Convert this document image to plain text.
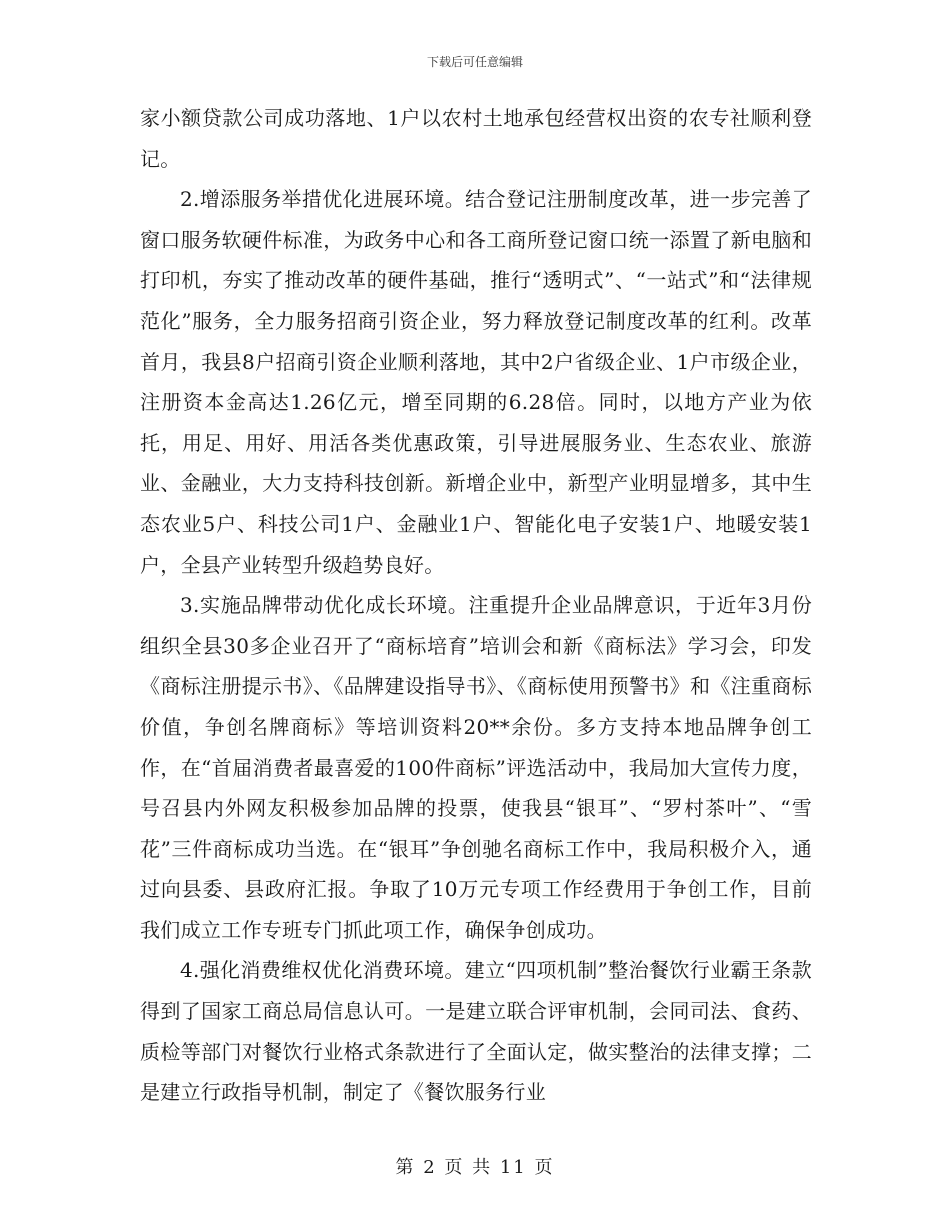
下载后可任意编辑

家小额贷款公司成功落地、1户以农村土地承包经营权出资的农专社顺利登记。

2.增添服务举措优化进展环境。结合登记注册制度改革，进一步完善了窗口服务软硬件标准，为政务中心和各工商所登记窗口统一添置了新电脑和打印机，夯实了推动改革的硬件基础，推行“透明式”、“一站式”和“法律规范化”服务，全力服务招商引资企业，努力释放登记制度改革的红利。改革首月，我县8户招商引资企业顺利落地，其中2户省级企业、1户市级企业，注册资本金高达1.26亿元，增至同期的6.28倍。同时，以地方产业为依托，用足、用好、用活各类优惠政策，引导进展服务业、生态农业、旅游业、金融业，大力支持科技创新。新增企业中，新型产业明显增多，其中生态农业5户、科技公司1户、金融业1户、智能化电子安装1户、地暖安装1户，全县产业转型升级趋势良好。

3.实施品牌带动优化成长环境。注重提升企业品牌意识，于近年3月份组织全县30多企业召开了“商标培育”培训会和新《商标法》学习会，印发《商标注册提示书》、《品牌建设指导书》、《商标使用预警书》和《注重商标价值，争创名牌商标》等培训资料20**余份。多方支持本地品牌争创工作，在“首届消费者最喜爱的100件商标”评选活动中，我局加大宣传力度，号召县内外网友积极参加品牌的投票，使我县“银耳”、“罗村茶叶”、“雪花”三件商标成功当选。在“银耳”争创驰名商标工作中，我局积极介入，通过向县委、县政府汇报。争取了10万元专项工作经费用于争创工作，目前我们成立工作专班专门抓此项工作，确保争创成功。

4.强化消费维权优化消费环境。建立“四项机制”整治餐饮行业霸王条款得到了国家工商总局信息认可。一是建立联合评审机制，会同司法、食药、质检等部门对餐饮行业格式条款进行了全面认定，做实整治的法律支撑；二是建立行政指导机制，制定了《餐饮服务行业

第 2 页 共 11 页
